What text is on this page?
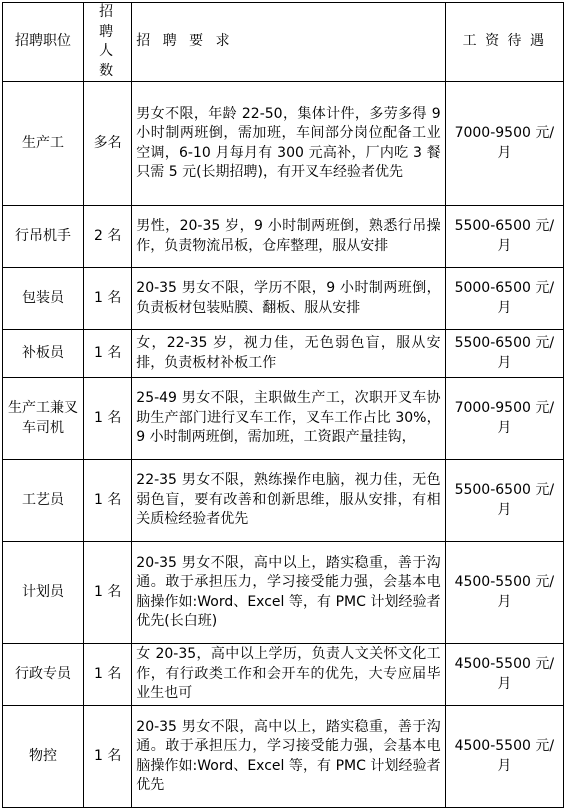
招聘职位	招 聘 人 数	招 聘 要 求	工 资 待 遇
生产工	多名	男女不限，年龄 22-50，集体计件，多劳多得 9 小时制两班倒，需加班，车间部分岗位配备工业空调，6-10 月每月有 300 元高补，厂内吃 3 餐只需 5 元(长期招聘)，有开叉车经验者优先	7000-9500 元/月
行吊机手	2 名	男性，20-35 岁，9 小时制两班倒，熟悉行吊操作，负责物流吊板，仓库整理，服从安排	5500-6500 元/月
包装员	1 名	20-35 男女不限，学历不限，9 小时制两班倒，负责板材包装贴膜、翻板、服从安排	5000-6500 元/月
补板员	1 名	女，22-35 岁，视力佳，无色弱色盲，服从安排，负责板材补板工作	5500-6500 元/月
生产工兼叉车司机	1 名	25-49 男女不限，主职做生产工，次职开叉车协助生产部门进行叉车工作，叉车工作占比 30%，9 小时制两班倒，需加班，工资跟产量挂钩，	7000-9500 元/月
工艺员	1 名	22-35 男女不限，熟练操作电脑，视力佳，无色弱色盲，要有改善和创新思维，服从安排，有相关质检经验者优先	5500-6500 元/月
计划员	1 名	20-35 男女不限，高中以上，踏实稳重，善于沟通。敢于承担压力，学习接受能力强，会基本电脑操作如:Word、Excel 等，有 PMC 计划经验者优先(长白班)	4500-5500 元/月
行政专员	1 名	女 20-35，高中以上学历，负责人文关怀文化工作，有行政类工作和会开车的优先，大专应届毕业生也可	4500-5500 元/月
物控	1 名	20-35 男女不限，高中以上，踏实稳重，善于沟通。敢于承担压力，学习接受能力强，会基本电脑操作如:Word、Excel 等，有 PMC 计划经验者优先	4500-5500 元/月
